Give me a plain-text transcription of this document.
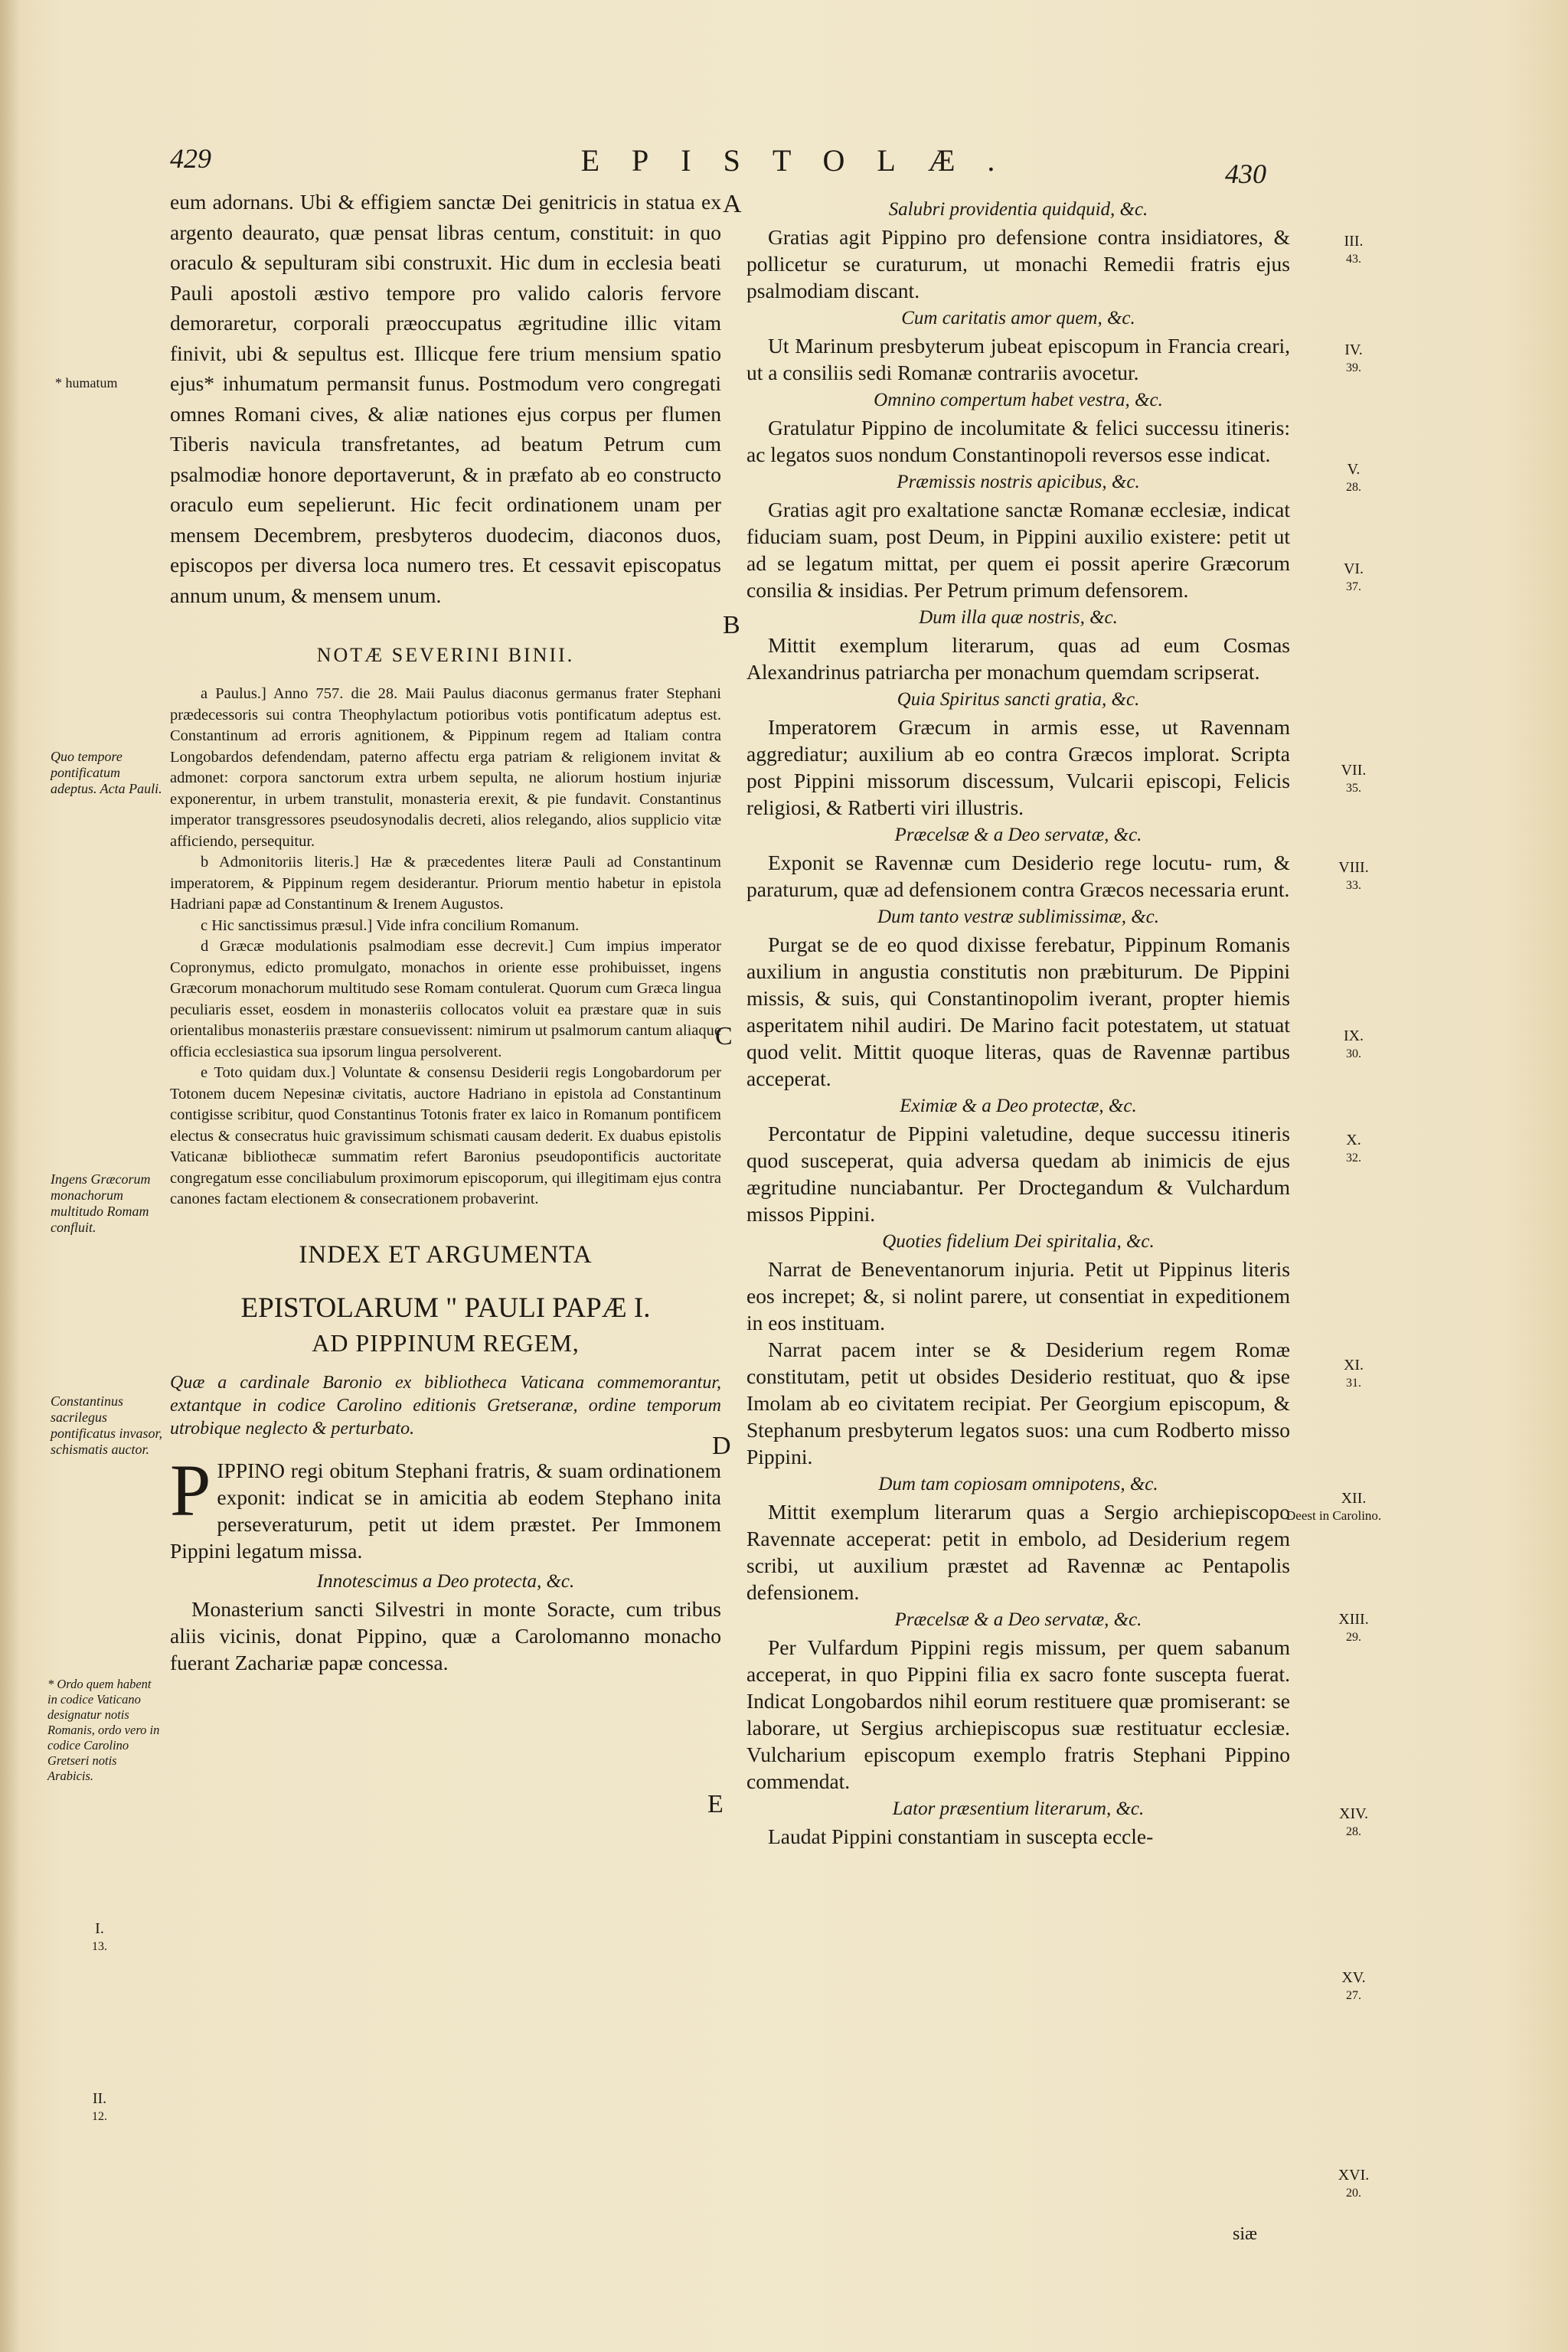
429	EPISTOLÆ.	430

eum adornans. Ubi & effigiem sanctæ Dei genitricis in statua ex argento deaurato, quæ pensat libras centum, constituit: in quo oraculo & sepulturam sibi construxit. Hic dum in ecclesia beati Pauli apostoli æstivo tempore pro valido caloris fervore demoraretur, corporali præoccupatus ægritudine illic vitam finivit, ubi & sepultus est. Illicque fere trium mensium spatio ejus* inhumatum permansit funus. Postmodum vero congregati omnes Romani cives, & aliæ nationes ejus corpus per flumen Tiberis navicula transfretantes, ad beatum Petrum cum psalmodiæ honore deportaverunt, & in præfato ab eo constructo oraculo eum sepelierunt. Hic fecit ordinationem unam per mensem Decembrem, presbyteros duodecim, diaconos duos, episcopos per diversa loca numero tres. Et cessavit episcopatus annum unum, & mensem unum.

NOTÆ SEVERINI BINII.

a Paulus.] Anno 757. die 28. Maii Paulus diaconus germanus frater Stephani prædecessoris sui contra Theophylactum potioribus votis pontificatum adeptus est. Constantinum ad erroris agnitionem, & Pippinum regem ad Italiam contra Longobardos defendendam, paterno affectu erga patriam & religionem invitat & admonet: corpora sanctorum extra urbem sepulta, ne aliorum hostium injuriæ exponerentur, in urbem transtulit, monasteria erexit, & pie fundavit. Constantinus imperator transgressores pseudosynodalis decreti, alios relegando, alios supplicio vitæ afficiendo, persequitur.

b Admonitoriis literis.] Hæ & præcedentes literæ Pauli ad Constantinum imperatorem, & Pippinum regem desiderantur. Priorum mentio habetur in epistola Hadriani papæ ad Constantinum & Irenem Augustos.

c Hic sanctissimus præsul.] Vide infra concilium Romanum.

d Græcæ modulationis psalmodiam esse decrevit.] Cum impius imperator Copronymus, edicto promulgato, monachos in oriente esse prohibuisset, ingens Græcorum monachorum multitudo sese Romam contulerat. Quorum cum Græca lingua peculiaris esset, eosdem in monasteriis collocatos voluit ea præstare quæ in suis orientalibus monasteriis præstare consuevissent: nimirum ut psalmorum cantum aliaque officia ecclesiastica sua ipsorum lingua persolverent.

e Toto quidam dux.] Voluntate & consensu Desiderii regis Longobardorum per Totonem ducem Nepesinæ civitatis, auctore Hadriano in epistola ad Constantinum contigisse scribitur, quod Constantinus Totonis frater ex laico in Romanum pontificem electus & consecratus huic gravissimum schismati causam dederit. Ex duabus epistolis Vaticanæ bibliothecæ summatim refert Baronius pseudopontificis auctoritate congregatum esse conciliabulum proximorum episcoporum, qui illegitimam ejus contra canones factam electionem & consecrationem probaverint.

INDEX ET ARGUMENTA
EPISTOLARUM " PAULI PAPÆ I.
AD PIPPINUM REGEM,

Quæ a cardinale Baronio ex bibliotheca Vaticana commemorantur, extantque in codice Carolino editionis Gretseranæ, ordine temporum utrobique neglecto & perturbato.

P IPPINO regi obitum Stephani fratris, & suam ordinationem exponit: indicat se in amicitia ab eodem Stephano inita perseveraturum, petit ut idem præstet. Per Immonem Pippini legatum missa.

Innotescimus a Deo protecta, &c.

Monasterium sancti Silvestri in monte Soracte, cum tribus aliis vicinis, donat Pippino, quæ a Carolomanno monacho fuerant Zachariæ papæ concessa.

* humatum
Quo tempore pontificatum adeptus. Acta Pauli.
Ingens Græcorum monachorum multitudo Romam confluit.
Constantinus sacrilegus pontificatus invasor, schismatis auctor.
* Ordo quem habent in codice Vaticano designatur notis Romanis, ordo vero in codice Carolino Gretseri notis Arabicis.
I.
13.
II.
12.
A
B
C
D
E
Salubri providentia quidquid, &c.

Gratias agit Pippino pro defensione contra insidiatores, & pollicetur se curaturum, ut monachi Remedii fratris ejus psalmodiam discant.

Cum caritatis amor quem, &c.

Ut Marinum presbyterum jubeat episcopum in Francia creari, ut a consiliis sedi Romanæ contrariis avocetur.

Omnino compertum habet vestra, &c.

Gratulatur Pippino de incolumitate & felici successu itineris: ac legatos suos nondum Constantinopoli reversos esse indicat.

Præmissis nostris apicibus, &c.

Gratias agit pro exaltatione sanctæ Romanæ ecclesiæ, indicat fiduciam suam, post Deum, in Pippini auxilio existere: petit ut ad se legatum mittat, per quem ei possit aperire Græcorum consilia & insidias. Per Petrum primum defensorem.

Dum illa quæ nostris, &c.

Mittit exemplum literarum, quas ad eum Cosmas Alexandrinus patriarcha per monachum quemdam scripserat.

Quia Spiritus sancti gratia, &c.

Imperatorem Græcum in armis esse, ut Ravennam aggrediatur; auxilium ab eo contra Græcos implorat. Scripta post Pippini missorum discessum, Vulcarii episcopi, Felicis religiosi, & Ratberti viri illustris.

Præcelsæ & a Deo servatæ, &c.

Exponit se Ravennæ cum Desiderio rege locutu- rum, & paraturum, quæ ad defensionem contra Græcos necessaria erunt.

Dum tanto vestræ sublimissimæ, &c.

Purgat se de eo quod dixisse ferebatur, Pippinum Romanis auxilium in angustia constitutis non præbiturum. De Pippini missis, & suis, qui Constantinopolim iverant, propter hiemis asperitatem nihil audiri. De Marino facit potestatem, ut statuat quod velit. Mittit quoque literas, quas de Ravennæ partibus acceperat.

Eximiæ & a Deo protectæ, &c.

Percontatur de Pippini valetudine, deque successu itineris quod susceperat, quia adversa quedam ab inimicis de ejus ægritudine nunciabantur. Per Droctegandum & Vulchardum missos Pippini.

Quoties fidelium Dei spiritalia, &c.

Narrat de Beneventanorum injuria. Petit ut Pippinus literis eos increpet; &, si nolint parere, ut consentiat in expeditionem in eos instituam.

Narrat pacem inter se & Desiderium regem Romæ constitutam, petit ut obsides Desiderio restituat, quo & ipse Imolam ab eo civitatem recipiat. Per Georgium episcopum, & Stephanum presbyterum legatos suos: una cum Rodberto misso Pippini.

Dum tam copiosam omnipotens, &c.

Mittit exemplum literarum quas a Sergio archiepiscopo Ravennate acceperat: petit in embolo, ad Desiderium regem scribi, ut auxilium præstet ad Ravennæ ac Pentapolis defensionem.

Præcelsæ & a Deo servatæ, &c.

Per Vulfardum Pippini regis missum, per quem sabanum acceperat, in quo Pippini filia ex sacro fonte suscepta fuerat. Indicat Longobardos nihil eorum restituere quæ promiserant: se laborare, ut Sergius archiepiscopus suæ restituatur ecclesiæ. Vulcharium episcopum exemplo fratris Stephani Pippino commendat.

Lator præsentium literarum, &c.

Laudat Pippini constantiam in suscepta eccle-

siæ
III.
43.
IV.
39.
V.
28.
VI.
37.
VII.
35.
VIII.
33.
IX.
30.
X.
32.
XI.
31.
XII.
Deest in Carolino.
XIII.
29.
XIV.
28.
XV.
27.
XVI.
20.
